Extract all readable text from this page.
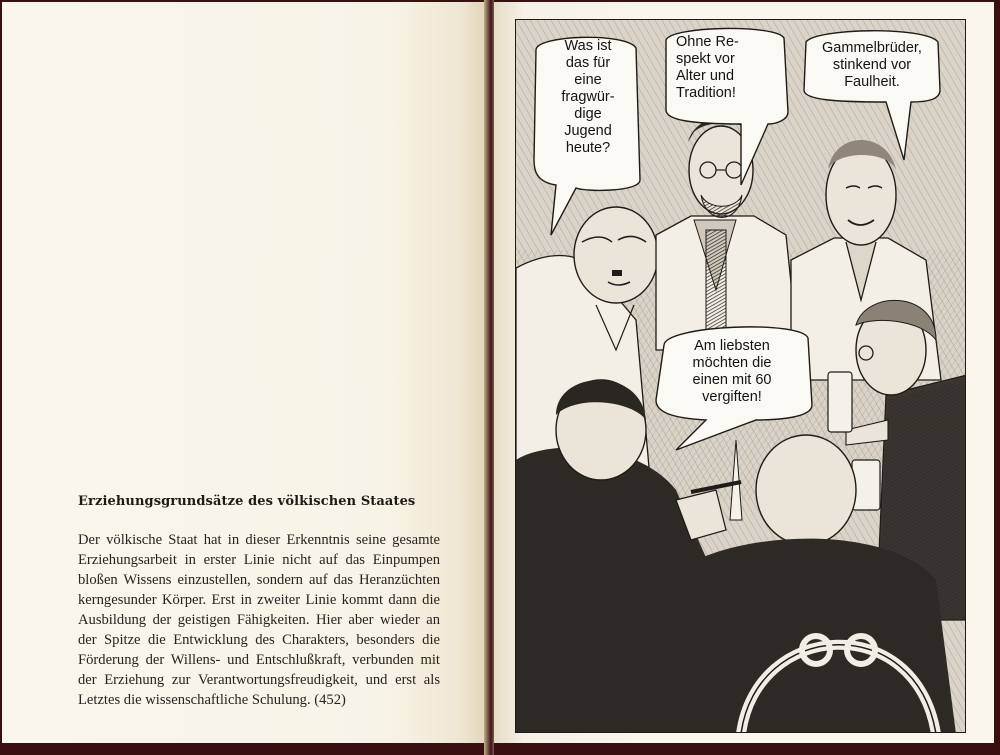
Erziehungsgrundsätze des völkischen Staates
Der völkische Staat hat in dieser Erkenntnis seine gesamte
Erziehungsarbeit in erster Linie nicht auf das Einpumpen
bloßen Wissens einzustellen, sondern auf das Heranzüchten
kerngesunder Körper. Erst in zweiter Linie kommt dann die
Ausbildung der geistigen Fähigkeiten. Hier aber wieder an
der Spitze die Entwicklung des Charakters, besonders die
Förderung der Willens- und Entschlußkraft, verbunden mit
der Erziehung zur Verantwortungsfreudigkeit, und erst als
Letztes die wissenschaftliche Schulung. (452)
Was ist
das für
eine
fragwür-
dige
Jugend
heute?
Ohne Re-
spekt vor
Alter und
Tradition!
Gammelbrüder,
stinkend vor
Faulheit.
Am liebsten
möchten die
einen mit 60
vergiften!
